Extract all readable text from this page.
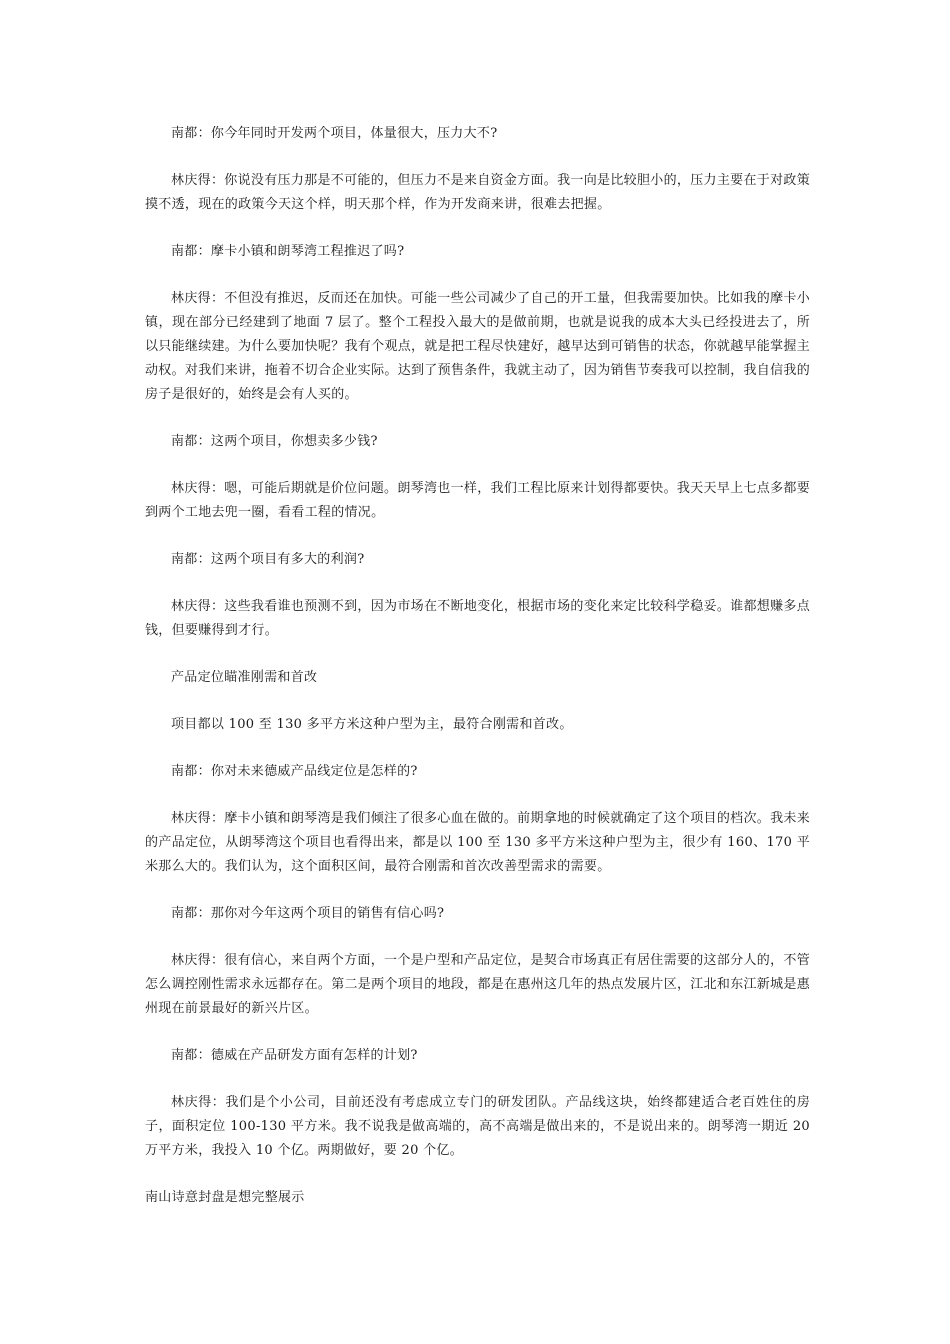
南都：你今年同时开发两个项目，体量很大，压力大不?

林庆得：你说没有压力那是不可能的，但压力不是来自资金方面。我一向是比较胆小的，压力主要在于对政策摸不透，现在的政策今天这个样，明天那个样，作为开发商来讲，很难去把握。

南都：摩卡小镇和朗琴湾工程推迟了吗?

林庆得：不但没有推迟，反而还在加快。可能一些公司减少了自己的开工量，但我需要加快。比如我的摩卡小镇，现在部分已经建到了地面 7 层了。整个工程投入最大的是做前期，也就是说我的成本大头已经投进去了，所以只能继续建。为什么要加快呢？我有个观点，就是把工程尽快建好，越早达到可销售的状态，你就越早能掌握主动权。对我们来讲，拖着不切合企业实际。达到了预售条件，我就主动了，因为销售节奏我可以控制，我自信我的房子是很好的，始终是会有人买的。

南都：这两个项目，你想卖多少钱?

林庆得：嗯，可能后期就是价位问题。朗琴湾也一样，我们工程比原来计划得都要快。我天天早上七点多都要到两个工地去兜一圈，看看工程的情况。

南都：这两个项目有多大的利润?

林庆得：这些我看谁也预测不到，因为市场在不断地变化，根据市场的变化来定比较科学稳妥。谁都想赚多点钱，但要赚得到才行。

产品定位瞄准刚需和首改

项目都以 100 至 130 多平方米这种户型为主，最符合刚需和首改。

南都：你对未来德威产品线定位是怎样的?

林庆得：摩卡小镇和朗琴湾是我们倾注了很多心血在做的。前期拿地的时候就确定了这个项目的档次。我未来的产品定位，从朗琴湾这个项目也看得出来，都是以 100 至 130 多平方米这种户型为主，很少有 160、170 平米那么大的。我们认为，这个面积区间，最符合刚需和首次改善型需求的需要。

南都：那你对今年这两个项目的销售有信心吗?

林庆得：很有信心，来自两个方面，一个是户型和产品定位，是契合市场真正有居住需要的这部分人的，不管怎么调控刚性需求永远都存在。第二是两个项目的地段，都是在惠州这几年的热点发展片区，江北和东江新城是惠州现在前景最好的新兴片区。

南都：德威在产品研发方面有怎样的计划?

林庆得：我们是个小公司，目前还没有考虑成立专门的研发团队。产品线这块，始终都建适合老百姓住的房子，面积定位 100-130 平方米。我不说我是做高端的，高不高端是做出来的，不是说出来的。朗琴湾一期近 20 万平方米，我投入 10 个亿。两期做好，要 20 个亿。

南山诗意封盘是想完整展示
